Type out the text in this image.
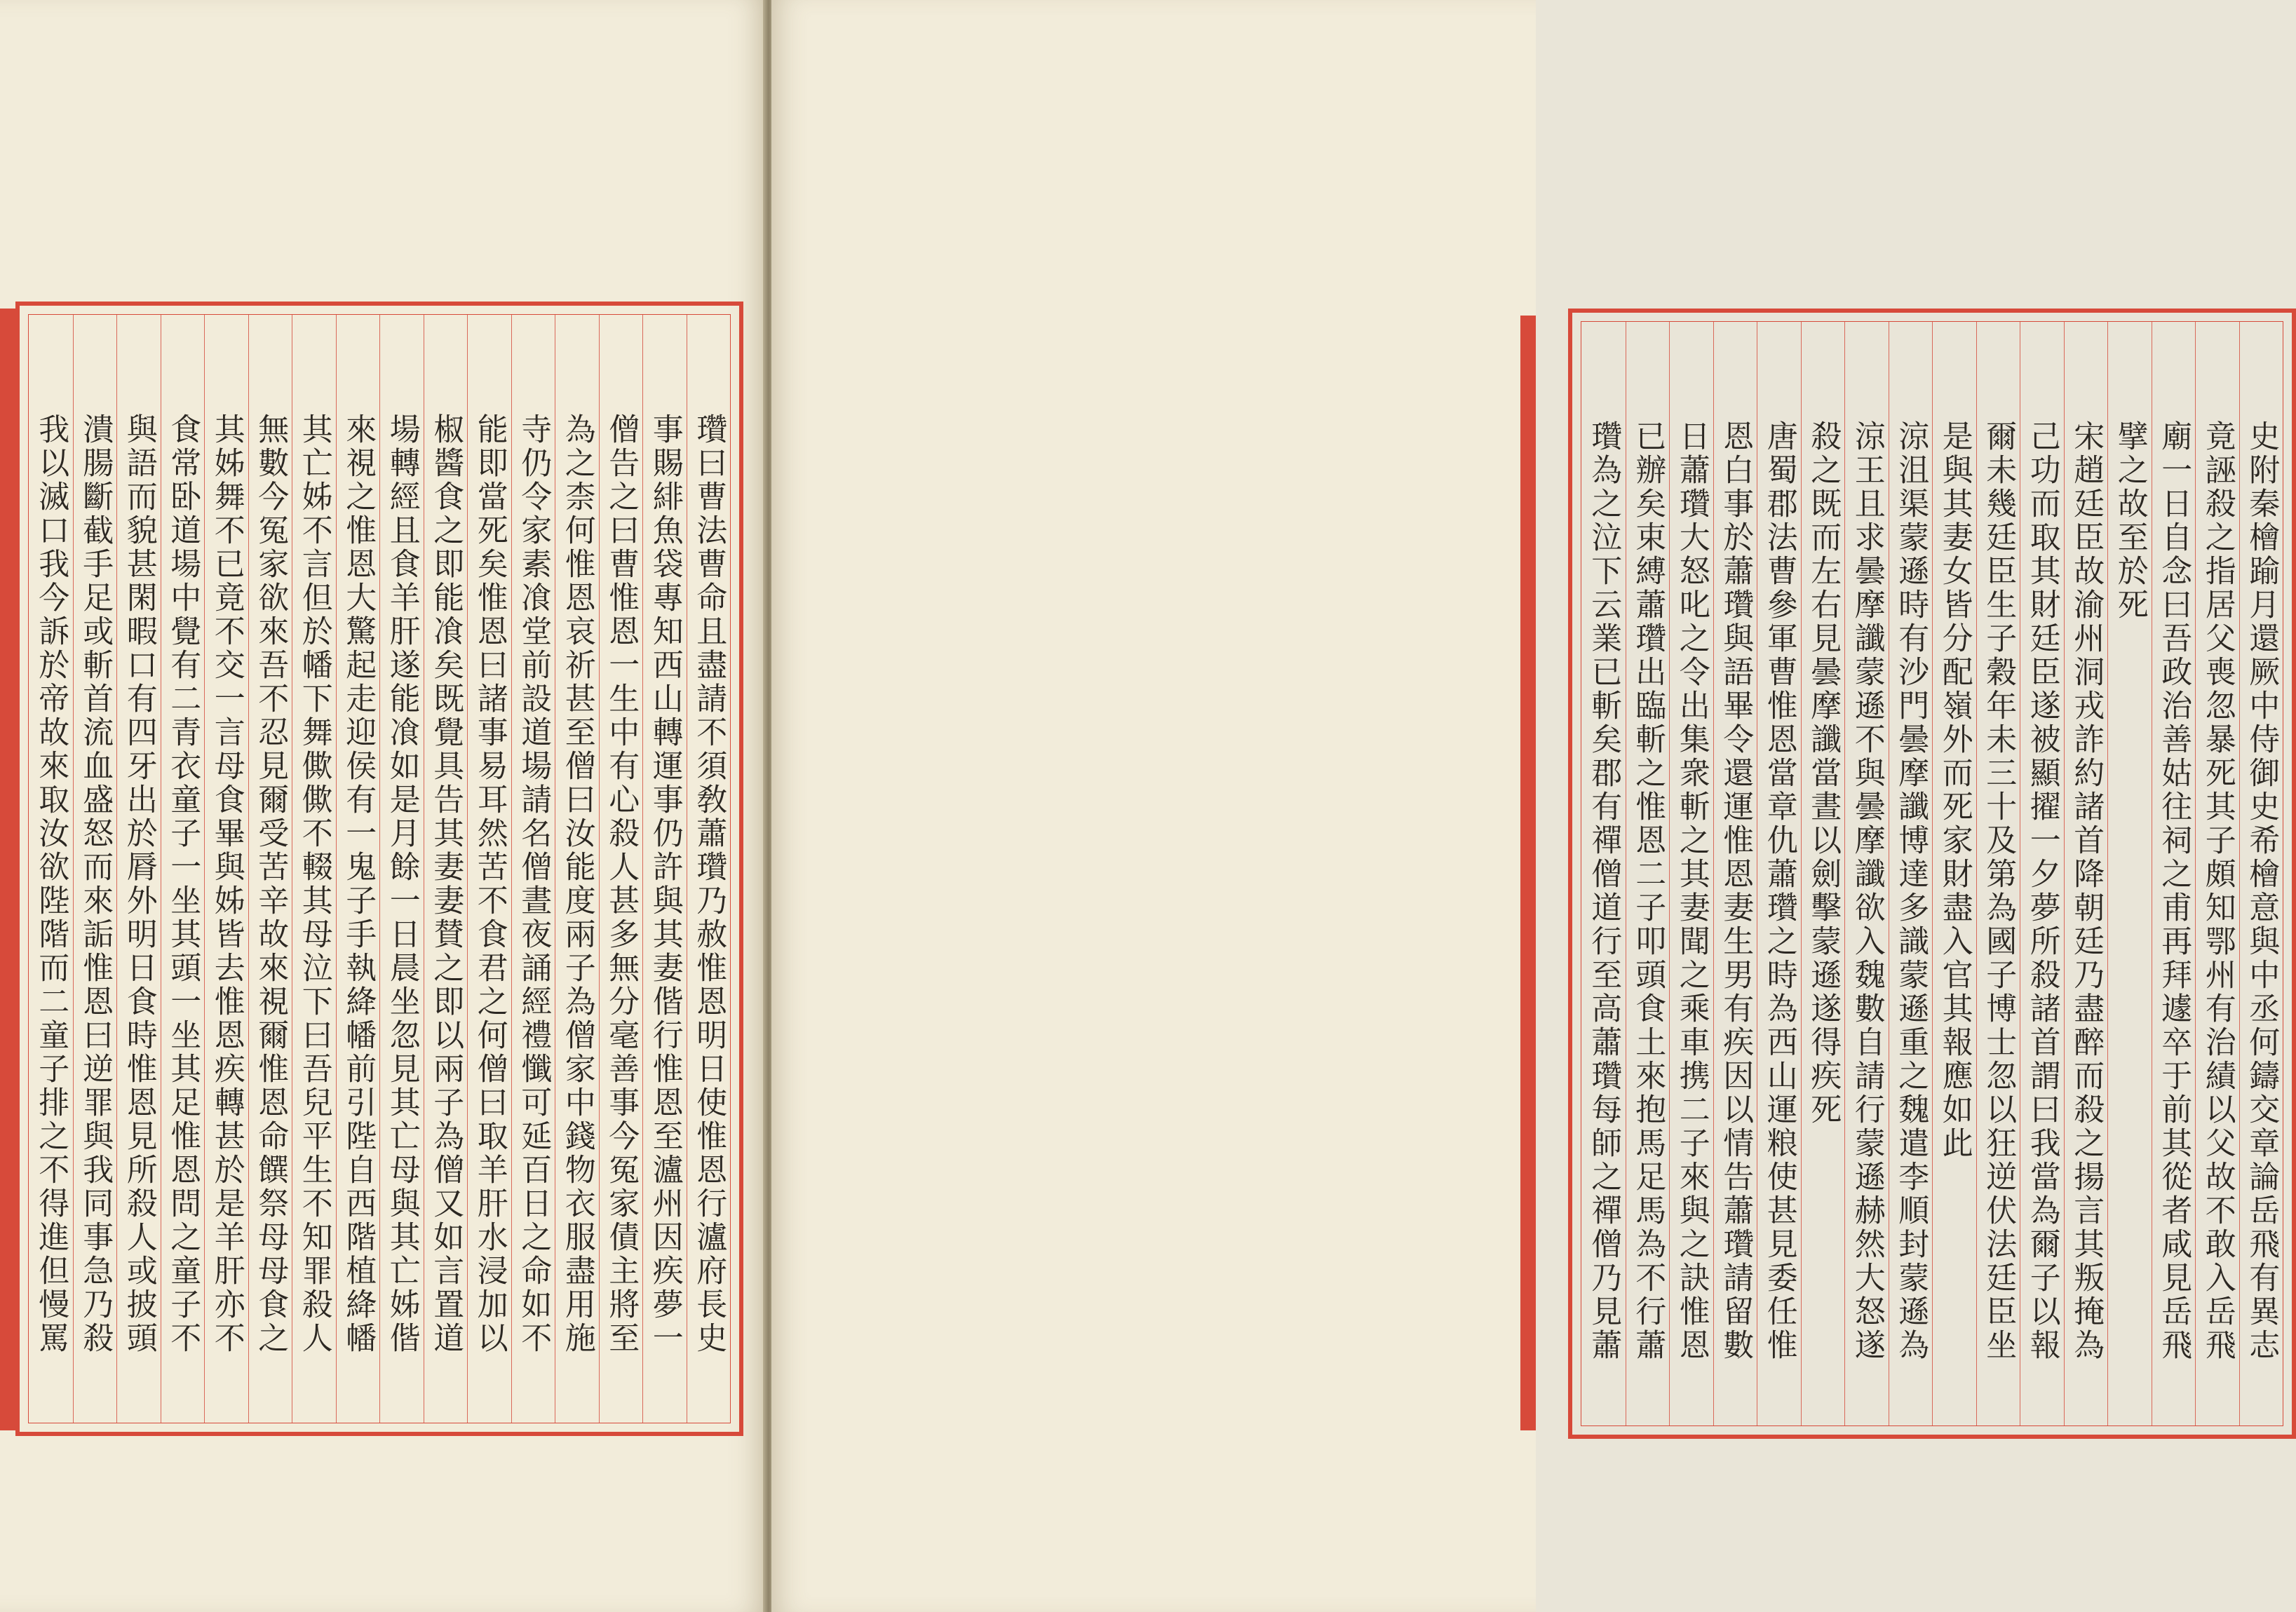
瓚曰曹法曹命且盡請不須敎蕭瓚乃赦惟恩明日使惟恩行瀘府長史
事賜緋魚袋專知西山轉運事仍許與其妻偕行惟恩至瀘州因疾夢一
僧告之曰曹惟恩一生中有心殺人甚多無分毫善事今冤家債主將至
為之柰何惟恩哀祈甚至僧曰汝能度兩子為僧家中錢物衣服盡用施
寺仍令家素飡堂前設道場請名僧晝夜誦經禮懺可延百日之命如不
能即當死矣惟恩曰諸事易耳然苦不食君之何僧曰取羊肝水浸加以
椒醬食之即能飡矣既覺具告其妻妻賛之即以兩子為僧又如言置道
場轉經且食羊肝遂能飡如是月餘一日晨坐忽見其亡母與其亡姊偕
來視之惟恩大驚起走迎侯有一鬼子手執絳幡前引陛自西階植絳幡
其亡姊不言但於幡下舞僛僛不輟其母泣下曰吾兒平生不知罪殺人
無數今冤家欲來吾不忍見爾受苦辛故來視爾惟恩命饌祭母母食之
其姊舞不已竟不交一言母食畢與姊皆去惟恩疾轉甚於是羊肝亦不
食常卧道場中覺有二青衣童子一坐其頭一坐其足惟恩問之童子不
與語而貌甚閑暇口有四牙出於脣外明日食時惟恩見所殺人或披頭
潰腸斷截手足或斬首流血盛怒而來詬惟恩曰逆罪與我同事急乃殺
我以滅口我今訴於帝故來取汝欲陛階而二童子排之不得進但慢罵	史附秦檜踰月還厥中侍御史希檜意與中丞何鑄交章論岳飛有異志
竟誣殺之指居父喪忽暴死其子頗知鄂州有治績以父故不敢入岳飛
廟一日自念曰吾政治善姑往祠之甫再拜遽卒于前其從者咸見岳飛
擘之故至於死
宋趙廷臣故渝州洞戎詐約諸首降朝廷乃盡醉而殺之揚言其叛掩為
己功而取其財廷臣遂被顯擢一夕夢所殺諸首謂曰我當為爾子以報
爾未幾廷臣生子穀年未三十及第為國子博士忽以狂逆伏法廷臣坐
是與其妻女皆分配嶺外而死家財盡入官其報應如此
涼沮渠蒙遜時有沙門曇摩讖博達多識蒙遜重之魏遣李順封蒙遜為
涼王且求曇摩讖蒙遜不與曇摩讖欲入魏數自請行蒙遜赫然大怒遂
殺之既而左右見曇摩讖當晝以劍擊蒙遜遂得疾死
唐蜀郡法曹參軍曹惟恩當章仇蕭瓚之時為西山運粮使甚見委任惟
恩白事於蕭瓚與語畢令還運惟恩妻生男有疾因以情告蕭瓚請留數
日蕭瓚大怒叱之令出集衆斬之其妻聞之乘車携二子來與之訣惟恩
已辦矣束縛蕭瓚出臨斬之惟恩二子叩頭食土來抱馬足馬為不行蕭
瓚為之泣下云業已斬矣郡有禪僧道行至高蕭瓚每師之禪僧乃見蕭
